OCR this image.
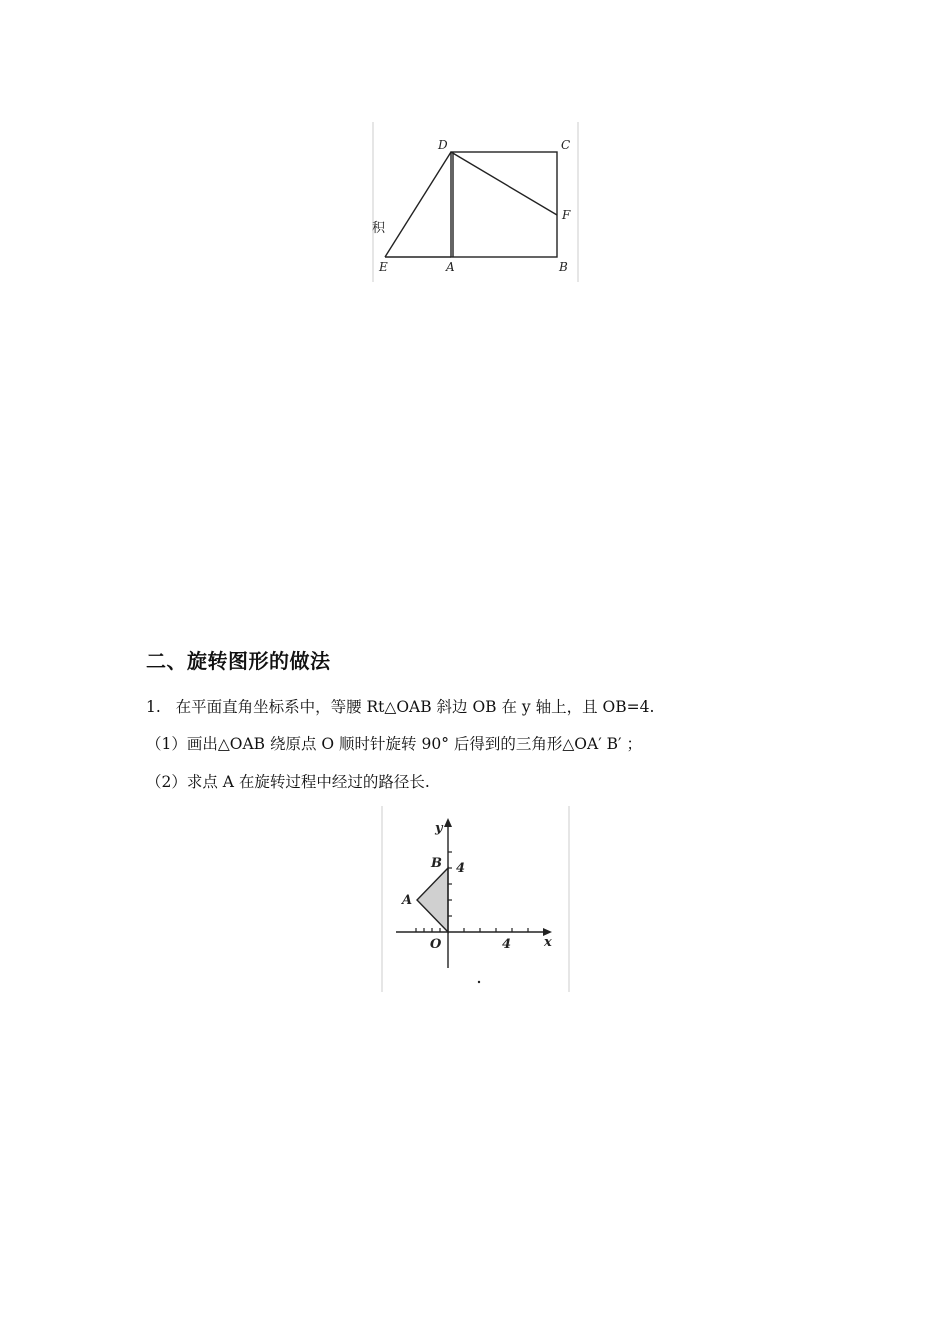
D	C
F
E	A	B
积
二、旋转图形的做法
1.   在平面直角坐标系中，等腰 Rt△OAB 斜边 OB 在 y 轴上，且 OB=4.
（1）画出△OAB 绕原点 O 顺时针旋转 90° 后得到的三角形△OA′ B′ ；
（2）求点 A 在旋转过程中经过的路径长.
y
x
B
A
O
4
4
